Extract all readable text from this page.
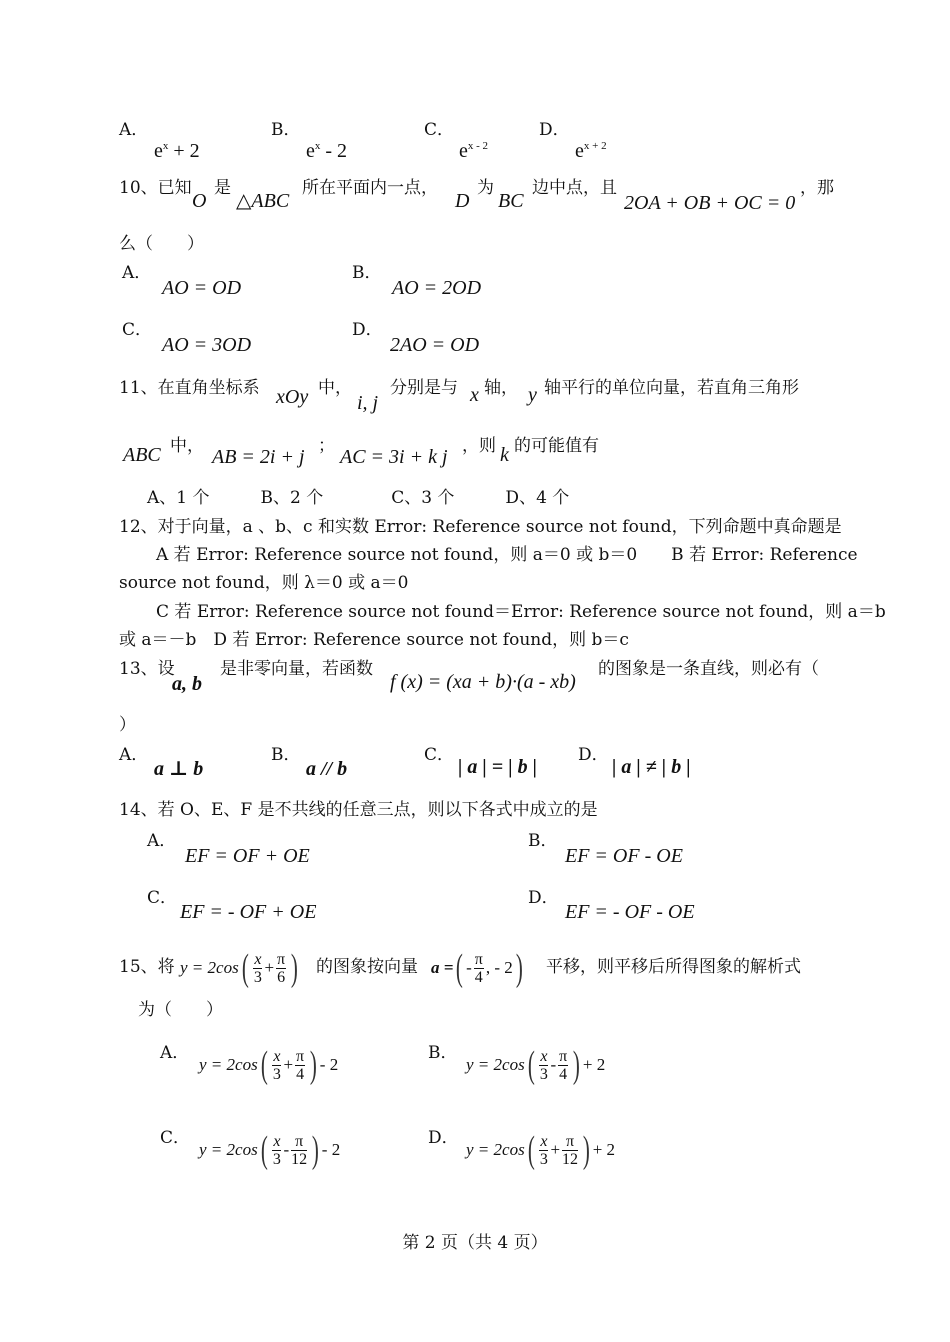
A．
$e^x + 2$
B．
$e^x - 2$
C．
$e^{x - 2}$
D．
$e^{x + 2}$
10、已知
O
是
△ABC
所在平面内一点，
D
为
BC
边中点，且
2OA + OB + OC = 0
，那
么（　　）
A．
AO = OD
B．
AO = 2OD
C．
AO = 3OD
D．
2AO = OD
11、在直角坐标系 xOy 中，
i, j
分别是与 x 轴， y 轴平行的单位向量，若直角三角形
ABC 中， AB = 2i + j ； AC = 3i + k j ，则 k 的可能值有
A、1 个　　　B、2 个　　　　C、3 个　　　D、4 个
12、对于向量，a 、b、c 和实数 Error: Reference source not found，下列命题中真命题是
A 若 Error: Reference source not found，则 a＝0 或 b＝0　　B 若 Error: Reference
source not found，则 λ＝0 或 a＝0
C 若 Error: Reference source not found＝Error: Reference source not found，则 a＝b
或 a＝－b　D 若 Error: Reference source not found，则 b＝c
13、设
a, b
是非零向量，若函数
f (x) = (xa + b)·(a - xb)
的图象是一条直线，则必有（
）
A．
a ⊥ b
B．
a // b
C．
| a | = | b |
D．
| a | ≠ | b |
14、若 O、E、F 是不共线的任意三点，则以下各式中成立的是
A．
EF = OF + OE
B．
EF = OF - OE
C．
EF = - OF + OE
D．
EF = - OF - OE
15、将 y = 2cos ( $\frac{x}{3} + \frac{\pi}{6}$ ) 的图象按向量 a = ( - $\frac{\pi}{4}$ , - 2 ) 平移，则平移后所得图象的解析式
为（　　）
A．
y = 2cos ( $\frac{x}{3} + \frac{\pi}{4}$ ) - 2
B．
y = 2cos ( $\frac{x}{3} - \frac{\pi}{4}$ ) + 2
C．
y = 2cos ( $\frac{x}{3} - \frac{\pi}{12}$ ) - 2
D．
y = 2cos ( $\frac{x}{3} + \frac{\pi}{12}$ ) + 2
第 2 页（共 4 页）
